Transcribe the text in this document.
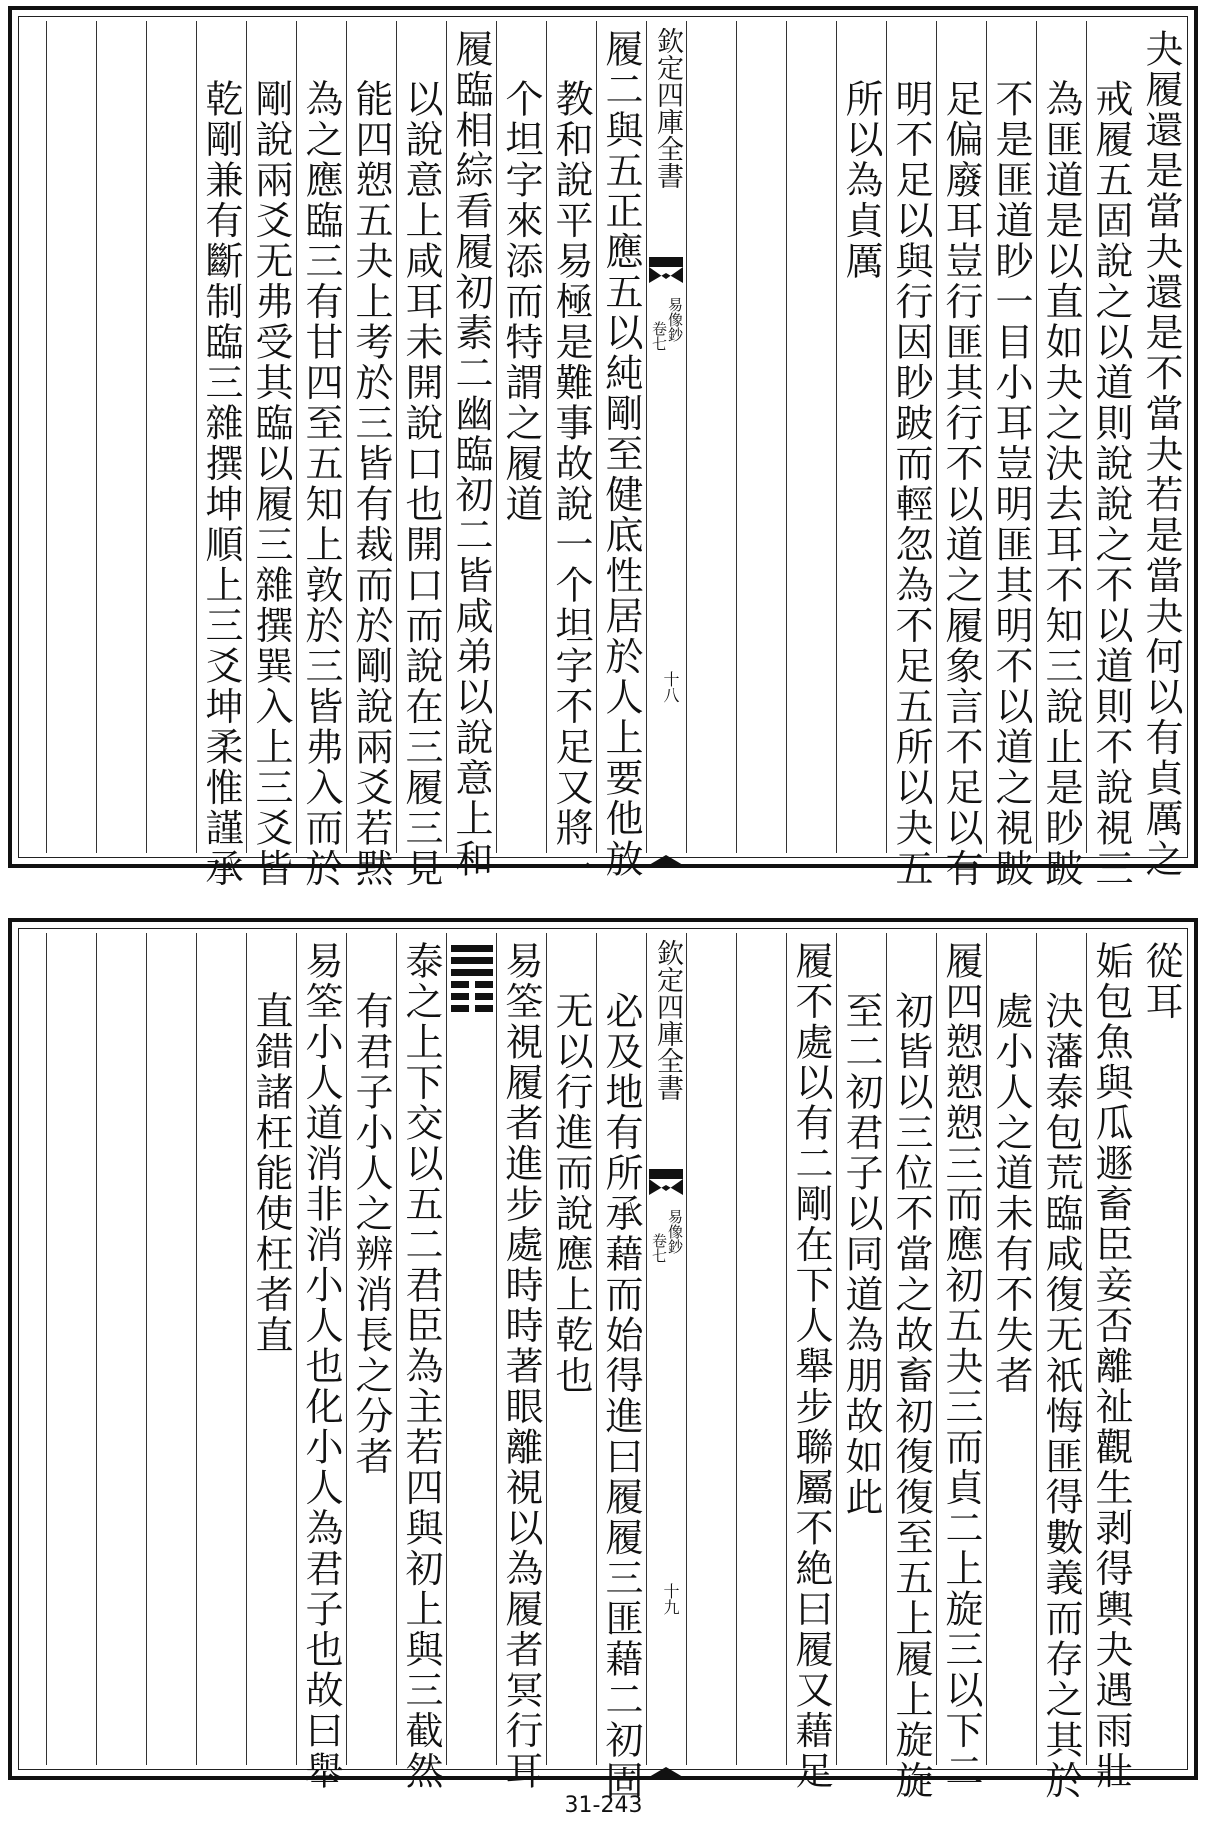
夬履還是當夬還是不當夬若是當夬何以有貞厲之
戒履五固說之以道則說說之不以道則不說視三
為匪道是以直如夬之決去耳不知三說止是眇跛
不是匪道眇一目小耳豈明匪其明不以道之視跛
足偏廢耳豈行匪其行不以道之履象言不足以有
明不足以與行因眇跛而輕忽為不足五所以夬五
所以為貞厲
欽定四庫全書
易像鈔
卷七
十八
履二與五正應五以純剛至健底性居於人上要他放
教和說平易極是難事故說一个坦字不足又將一
个坦字來添而特謂之履道
履臨相綜看履初素二幽臨初二皆咸弟以說意上和
以說意上咸耳未開說口也開口而說在三履三見
能四愬五夬上考於三皆有裁而於剛說兩爻若黙
為之應臨三有甘四至五知上敦於三皆弗入而於
剛說兩爻无弗受其臨以履三雜撰巽入上三爻皆
乾剛兼有斷制臨三雜撰坤順上三爻坤柔惟謹承
從耳
姤包魚與瓜遯畜臣妾否離祉觀生剥得輿夬遇雨壯
決藩泰包荒臨咸復无祇悔匪得數義而存之其於
處小人之道未有不失者
履四愬愬愬三而應初五夬三而貞二上旋三以下二
初皆以三位不當之故畜初復復至五上履上旋旋
至二初君子以同道為朋故如此
履不處以有二剛在下人舉步聯屬不絶曰履又藉足
欽定四庫全書
易像鈔
卷七
十九
必及地有所承藉而始得進曰履履三匪藉二初固
无以行進而說應上乾也
易筌視履者進步處時時著眼離視以為履者冥行耳
泰之上下交以五二君臣為主若四與初上與三截然
有君子小人之辨消長之分者
易筌小人道消非消小人也化小人為君子也故曰舉
直錯諸枉能使枉者直
31-243
